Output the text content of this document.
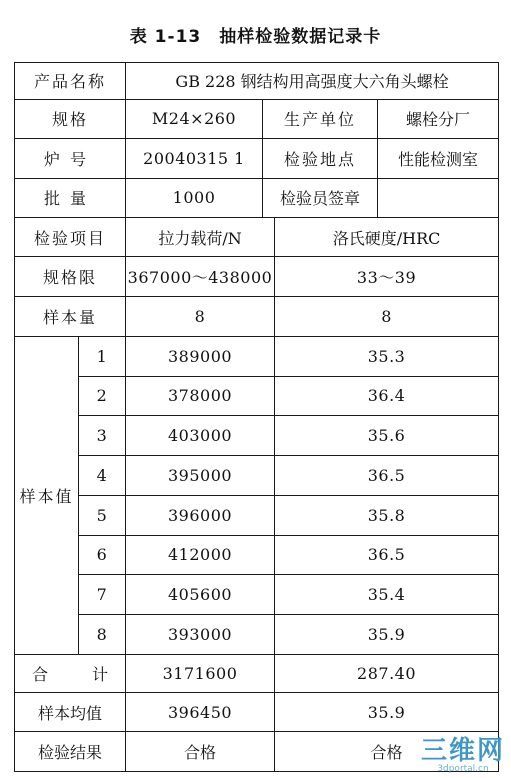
表 1-13　抽样检验数据记录卡
产品名称		GB 228 钢结构用高强度大六角头螺栓			
规格		M24×260	生产单位		螺栓分厂
炉号		20040315 1	检验地点		性能检测室
批量		1000	检验员签章		
检验项目		拉力载荷/N		洛氏硬度/HRC	
规格限		367000～438000		33～39	
样本量		8		8	
样本值	1	389000		35.3	
	2	378000		36.4	
	3	403000		35.6	
	4	395000		36.5	
	5	396000		35.8	
	6	412000		36.5	
	7	405600		35.4	
	8	393000		35.9	
合 计		3171600		287.40	
样本均值		396450		35.9	
检验结果		合格		合格	三维网
3dportal.cn
